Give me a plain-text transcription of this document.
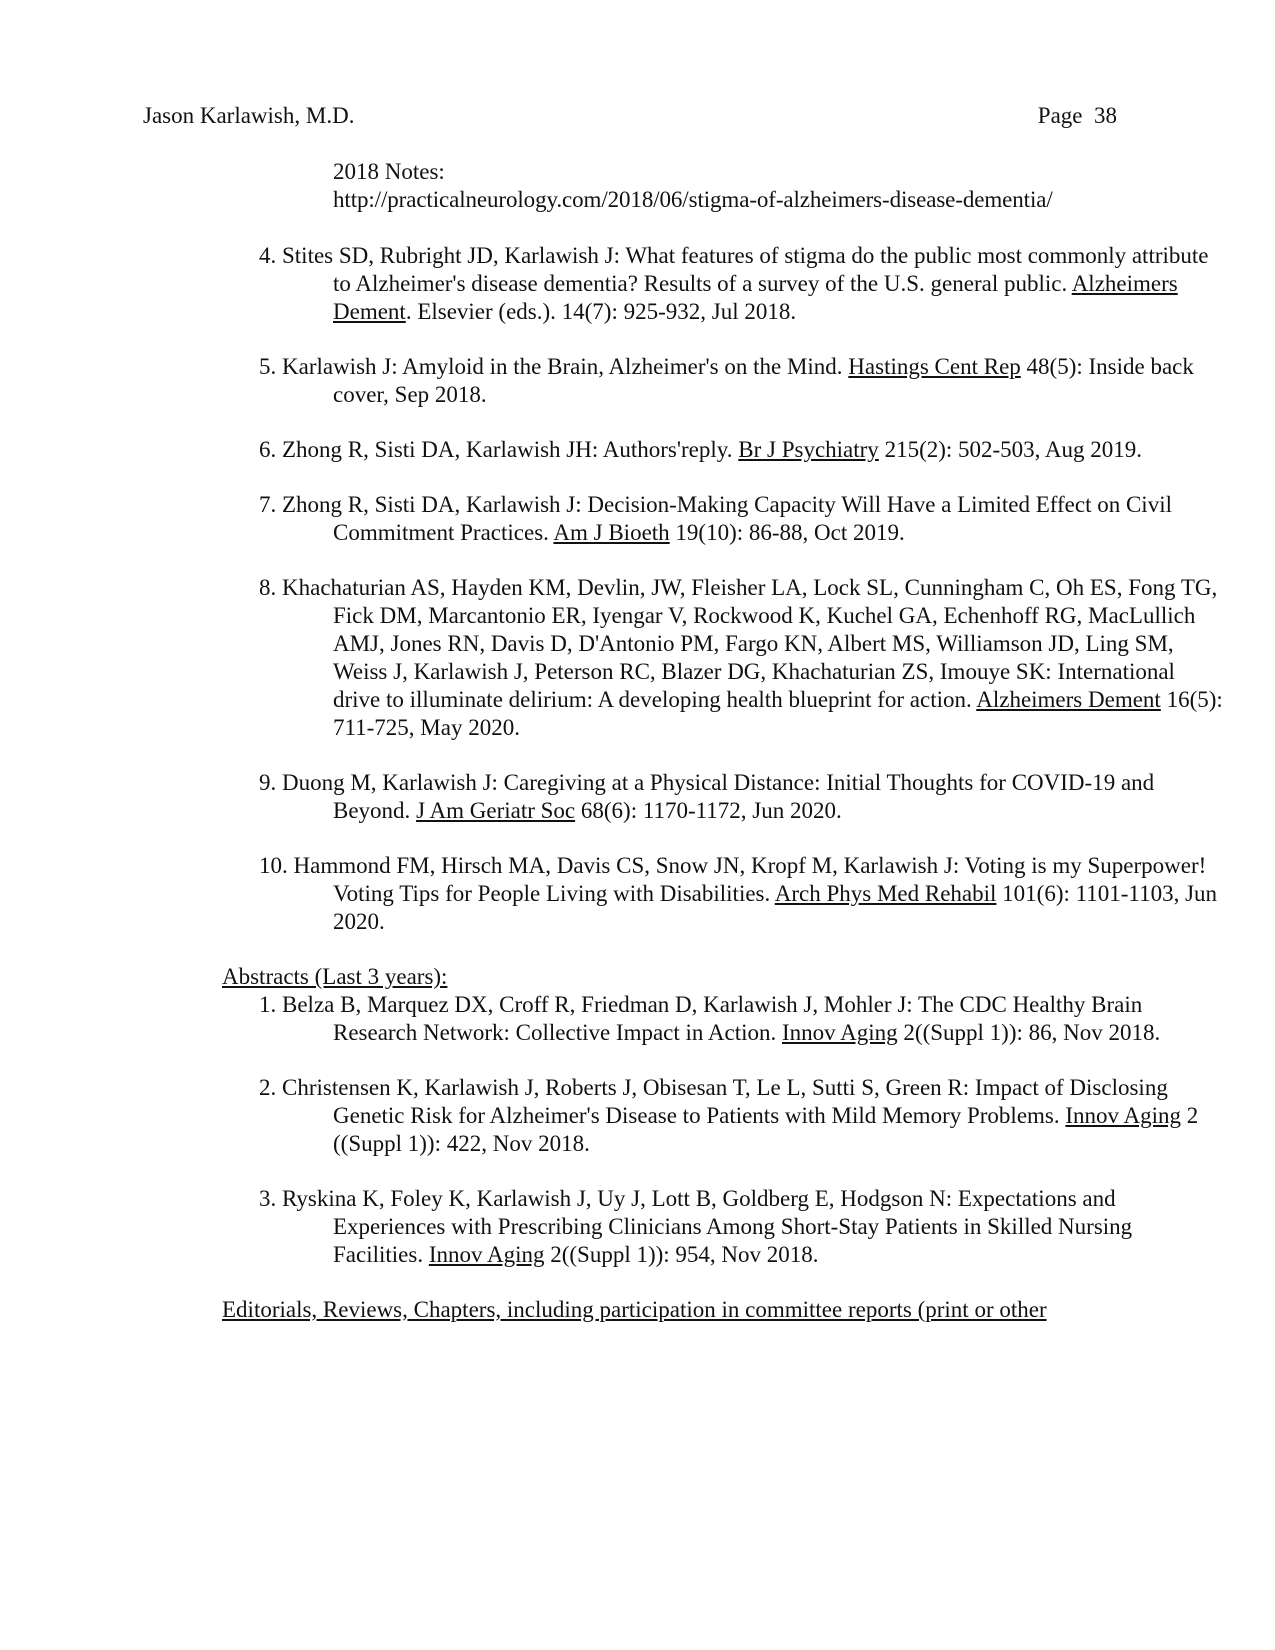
Jason Karlawish, M.D.	Page 38
2018 Notes:
http://practicalneurology.com/2018/06/stigma-of-alzheimers-disease-dementia/
4. Stites SD, Rubright JD, Karlawish J: What features of stigma do the public most commonly attribute to Alzheimer's disease dementia? Results of a survey of the U.S. general public. Alzheimers Dement. Elsevier (eds.). 14(7): 925-932, Jul 2018.
5. Karlawish J: Amyloid in the Brain, Alzheimer's on the Mind. Hastings Cent Rep 48(5): Inside back cover, Sep 2018.
6. Zhong R, Sisti DA, Karlawish JH: Authors'reply. Br J Psychiatry 215(2): 502-503, Aug 2019.
7. Zhong R, Sisti DA, Karlawish J: Decision-Making Capacity Will Have a Limited Effect on Civil Commitment Practices. Am J Bioeth 19(10): 86-88, Oct 2019.
8. Khachaturian AS, Hayden KM, Devlin, JW, Fleisher LA, Lock SL, Cunningham C, Oh ES, Fong TG, Fick DM, Marcantonio ER, Iyengar V, Rockwood K, Kuchel GA, Echenhoff RG, MacLullich AMJ, Jones RN, Davis D, D'Antonio PM, Fargo KN, Albert MS, Williamson JD, Ling SM, Weiss J, Karlawish J, Peterson RC, Blazer DG, Khachaturian ZS, Imouye SK: International drive to illuminate delirium: A developing health blueprint for action. Alzheimers Dement 16(5): 711-725, May 2020.
9. Duong M, Karlawish J: Caregiving at a Physical Distance: Initial Thoughts for COVID-19 and Beyond. J Am Geriatr Soc 68(6): 1170-1172, Jun 2020.
10. Hammond FM, Hirsch MA, Davis CS, Snow JN, Kropf M, Karlawish J: Voting is my Superpower! Voting Tips for People Living with Disabilities. Arch Phys Med Rehabil 101(6): 1101-1103, Jun 2020.
Abstracts (Last 3 years):
1. Belza B, Marquez DX, Croff R, Friedman D, Karlawish J, Mohler J: The CDC Healthy Brain Research Network: Collective Impact in Action. Innov Aging 2((Suppl 1)): 86, Nov 2018.
2. Christensen K, Karlawish J, Roberts J, Obisesan T, Le L, Sutti S, Green R: Impact of Disclosing Genetic Risk for Alzheimer's Disease to Patients with Mild Memory Problems. Innov Aging 2 ((Suppl 1)): 422, Nov 2018.
3. Ryskina K, Foley K, Karlawish J, Uy J, Lott B, Goldberg E, Hodgson N: Expectations and Experiences with Prescribing Clinicians Among Short-Stay Patients in Skilled Nursing Facilities. Innov Aging 2((Suppl 1)): 954, Nov 2018.
Editorials, Reviews, Chapters, including participation in committee reports (print or other
